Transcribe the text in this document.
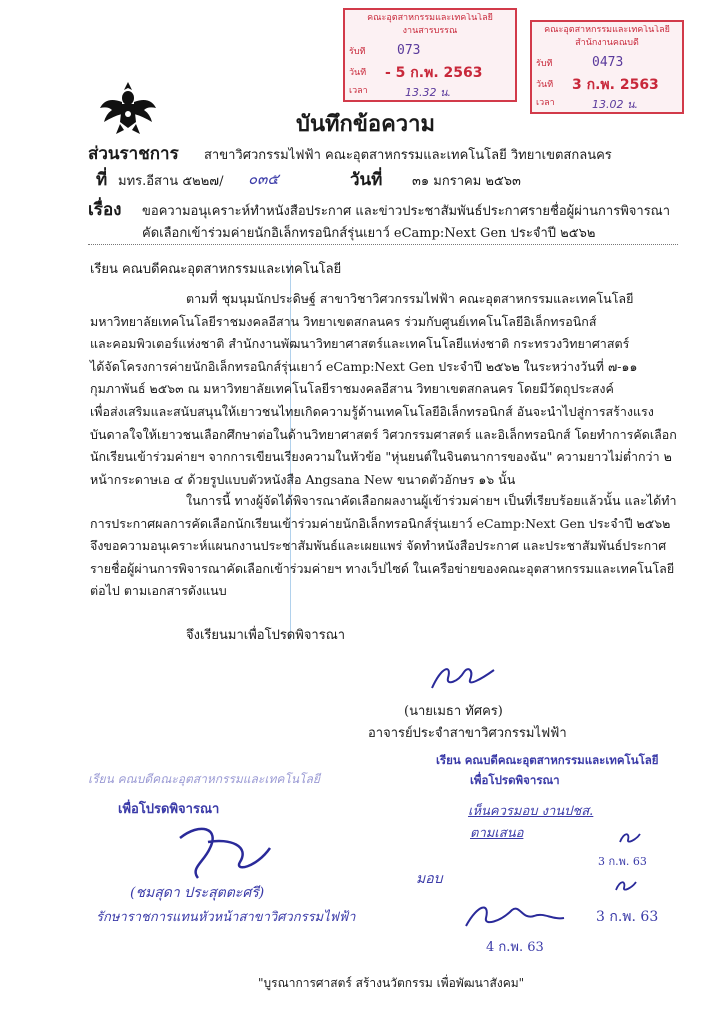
คณะอุตสาหกรรมและเทคโนโลยี
งานสารบรรณ
รับที่	073
วันที่	- 5 ก.พ. 2563
เวลา	13.32 น.
คณะอุตสาหกรรมและเทคโนโลยี
สำนักงานคณบดี
รับที่	0473
วันที่	3 ก.พ. 2563
เวลา	13.02 น.
บันทึกข้อความ
ส่วนราชการ สาขาวิศวกรรมไฟฟ้า คณะอุตสาหกรรมและเทคโนโลยี วิทยาเขตสกลนคร
ที่ มทร.อีสาน ๕๒๒๗/ ๐๓๕	วันที่ ๓๑ มกราคม ๒๕๖๓
เรื่อง ขอความอนุเคราะห์ทำหนังสือประกาศ และข่าวประชาสัมพันธ์ประกาศรายชื่อผู้ผ่านการพิจารณา
คัดเลือกเข้าร่วมค่ายนักอิเล็กทรอนิกส์รุ่นเยาว์ eCamp:Next Gen ประจำปี ๒๕๖๒
เรียน คณบดีคณะอุตสาหกรรมและเทคโนโลยี
ตามที่ ชุมนุมนักประดิษฐ์ สาขาวิชาวิศวกรรมไฟฟ้า คณะอุตสาหกรรมและเทคโนโลยี
มหาวิทยาลัยเทคโนโลยีราชมงคลอีสาน วิทยาเขตสกลนคร ร่วมกับศูนย์เทคโนโลยีอิเล็กทรอนิกส์
และคอมพิวเตอร์แห่งชาติ สำนักงานพัฒนาวิทยาศาสตร์และเทคโนโลยีแห่งชาติ กระทรวงวิทยาศาสตร์
ได้จัดโครงการค่ายนักอิเล็กทรอนิกส์รุ่นเยาว์ eCamp:Next Gen ประจำปี ๒๕๖๒ ในระหว่างวันที่ ๗-๑๑
กุมภาพันธ์ ๒๕๖๓ ณ มหาวิทยาลัยเทคโนโลยีราชมงคลอีสาน วิทยาเขตสกลนคร โดยมีวัตถุประสงค์
เพื่อส่งเสริมและสนับสนุนให้เยาวชนไทยเกิดความรู้ด้านเทคโนโลยีอิเล็กทรอนิกส์ อันจะนำไปสู่การสร้างแรง
บันดาลใจให้เยาวชนเลือกศึกษาต่อในด้านวิทยาศาสตร์ วิศวกรรมศาสตร์ และอิเล็กทรอนิกส์ โดยทำการคัดเลือก
นักเรียนเข้าร่วมค่ายฯ จากการเขียนเรียงความในหัวข้อ "หุ่นยนต์ในจินตนาการของฉัน" ความยาวไม่ต่ำกว่า ๒
หน้ากระดาษเอ ๔ ด้วยรูปแบบตัวหนังสือ Angsana New ขนาดตัวอักษร ๑๖ นั้น
ในการนี้ ทางผู้จัดได้พิจารณาคัดเลือกผลงานผู้เข้าร่วมค่ายฯ เป็นที่เรียบร้อยแล้วนั้น และได้ทำ
การประกาศผลการคัดเลือกนักเรียนเข้าร่วมค่ายนักอิเล็กทรอนิกส์รุ่นเยาว์ eCamp:Next Gen ประจำปี ๒๕๖๒
จึงขอความอนุเคราะห์แผนกงานประชาสัมพันธ์และเผยแพร่ จัดทำหนังสือประกาศ และประชาสัมพันธ์ประกาศ
รายชื่อผู้ผ่านการพิจารณาคัดเลือกเข้าร่วมค่ายฯ ทางเว็ปไซด์ ในเครือข่ายของคณะอุตสาหกรรมและเทคโนโลยี
ต่อไป ตามเอกสารดังแนบ
จึงเรียนมาเพื่อโปรดพิจารณา
(นายเมธา ทัศคร)
อาจารย์ประจำสาขาวิศวกรรมไฟฟ้า
เรียน คณบดีคณะอุตสาหกรรมและเทคโนโลยี
เพื่อโปรดพิจารณา
(ชมสุดา ประสุตตะศรี)
รักษาราชการแทนหัวหน้าสาขาวิศวกรรมไฟฟ้า
เรียน คณบดีคณะอุตสาหกรรมและเทคโนโลยี
เพื่อโปรดพิจารณา
เห็นควรมอบ งานปชส.
ตามเสนอ
3 ก.พ. 63
มอบ
3 ก.พ. 63
4 ก.พ. 63
"บูรณาการศาสตร์ สร้างนวัตกรรม เพื่อพัฒนาสังคม"
